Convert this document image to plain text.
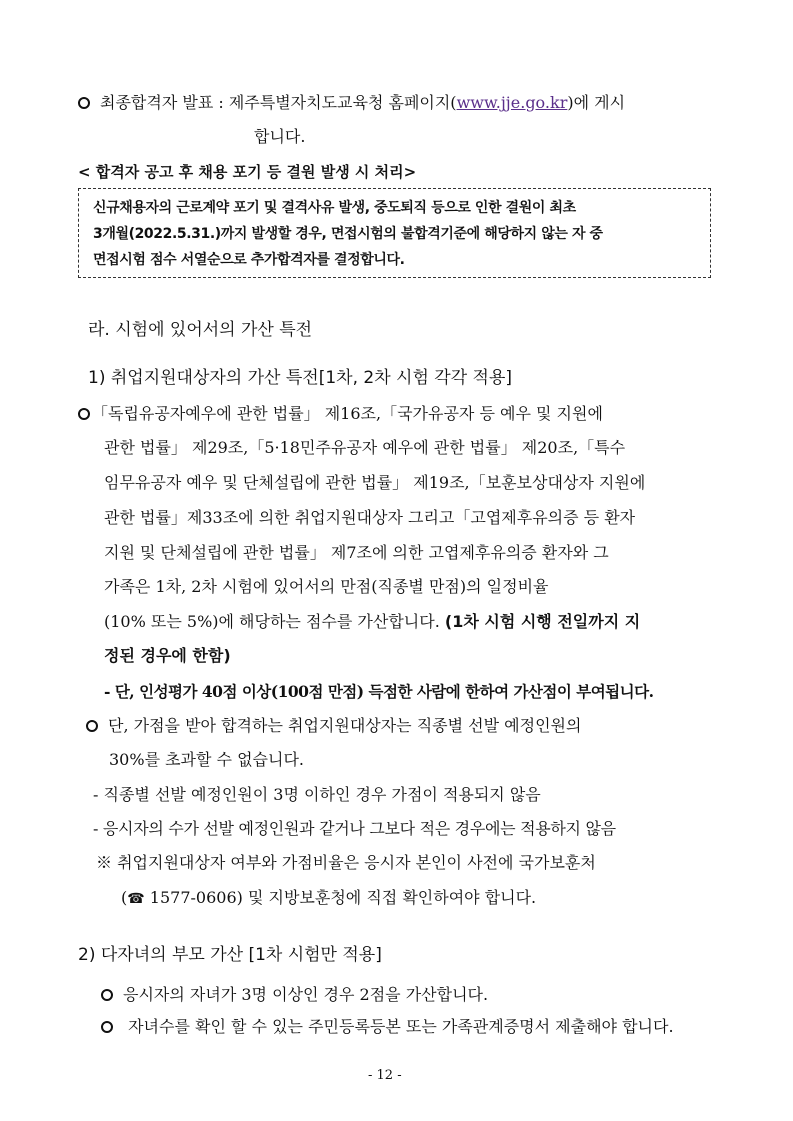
최종합격자 발표 : 제주특별자치도교육청 홈페이지(www.jje.go.kr)에 게시
합니다.
< 합격자 공고 후 채용 포기 등 결원 발생 시 처리>
신규채용자의 근로계약 포기 및 결격사유 발생, 중도퇴직 등으로 인한 결원이 최초
3개월(2022.5.31.)까지 발생할 경우, 면접시험의 불합격기준에 해당하지 않는 자 중
면접시험 점수 서열순으로 추가합격자를 결정합니다.
라. 시험에 있어서의 가산 특전
1) 취업지원대상자의 가산 특전[1차, 2차 시험 각각 적용]
「독립유공자예우에 관한 법률」 제16조,「국가유공자 등 예우 및 지원에
관한 법률」 제29조,「5·18민주유공자 예우에 관한 법률」 제20조,「특수
임무유공자 예우 및 단체설립에 관한 법률」 제19조,「보훈보상대상자 지원에
관한 법률」제33조에 의한 취업지원대상자 그리고「고엽제후유의증 등 환자
지원 및 단체설립에 관한 법률」 제7조에 의한 고엽제후유의증 환자와 그
가족은 1차, 2차 시험에 있어서의 만점(직종별 만점)의 일정비율
(10% 또는 5%)에 해당하는 점수를 가산합니다. (1차 시험 시행 전일까지 지
정된 경우에 한함)
- 단, 인성평가 40점 이상(100점 만점) 득점한 사람에 한하여 가산점이 부여됩니다.
단, 가점을 받아 합격하는 취업지원대상자는 직종별 선발 예정인원의
30%를 초과할 수 없습니다.
- 직종별 선발 예정인원이 3명 이하인 경우 가점이 적용되지 않음
- 응시자의 수가 선발 예정인원과 같거나 그보다 적은 경우에는 적용하지 않음
※ 취업지원대상자 여부와 가점비율은 응시자 본인이 사전에 국가보훈처
(☎ 1577-0606) 및 지방보훈청에 직접 확인하여야 합니다.
2) 다자녀의 부모 가산 [1차 시험만 적용]
응시자의 자녀가 3명 이상인 경우 2점을 가산합니다.
자녀수를 확인 할 수 있는 주민등록등본 또는 가족관계증명서 제출해야 합니다.
- 12 -
